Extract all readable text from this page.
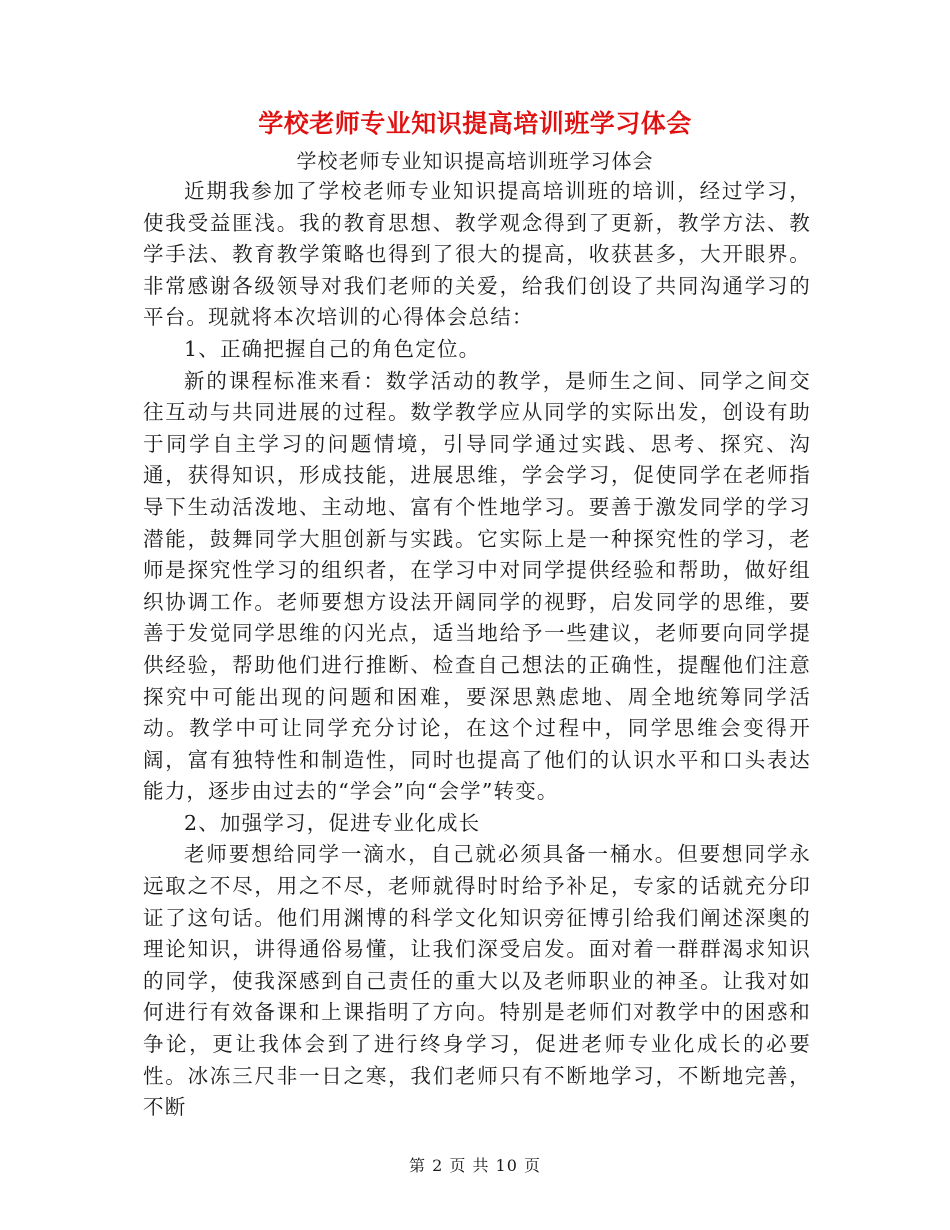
学校老师专业知识提高培训班学习体会
学校老师专业知识提高培训班学习体会

近期我参加了学校老师专业知识提高培训班的培训，经过学习，使我受益匪浅。我的教育思想、教学观念得到了更新，教学方法、教学手法、教育教学策略也得到了很大的提高，收获甚多，大开眼界。非常感谢各级领导对我们老师的关爱，给我们创设了共同沟通学习的平台。现就将本次培训的心得体会总结：

1、正确把握自己的角色定位。

新的课程标准来看：数学活动的教学，是师生之间、同学之间交往互动与共同进展的过程。数学教学应从同学的实际出发，创设有助于同学自主学习的问题情境，引导同学通过实践、思考、探究、沟通，获得知识，形成技能，进展思维，学会学习，促使同学在老师指导下生动活泼地、主动地、富有个性地学习。要善于激发同学的学习潜能，鼓舞同学大胆创新与实践。它实际上是一种探究性的学习，老师是探究性学习的组织者，在学习中对同学提供经验和帮助，做好组织协调工作。老师要想方设法开阔同学的视野，启发同学的思维，要善于发觉同学思维的闪光点，适当地给予一些建议，老师要向同学提供经验，帮助他们进行推断、检查自己想法的正确性，提醒他们注意探究中可能出现的问题和困难，要深思熟虑地、周全地统筹同学活动。教学中可让同学充分讨论，在这个过程中，同学思维会变得开阔，富有独特性和制造性，同时也提高了他们的认识水平和口头表达能力，逐步由过去的“学会”向“会学”转变。

2、加强学习，促进专业化成长

老师要想给同学一滴水，自己就必须具备一桶水。但要想同学永远取之不尽，用之不尽，老师就得时时给予补足，专家的话就充分印证了这句话。他们用渊博的科学文化知识旁征博引给我们阐述深奥的理论知识，讲得通俗易懂，让我们深受启发。面对着一群群渴求知识的同学，使我深感到自己责任的重大以及老师职业的神圣。让我对如何进行有效备课和上课指明了方向。特别是老师们对教学中的困惑和争论，更让我体会到了进行终身学习，促进老师专业化成长的必要性。冰冻三尺非一日之寒，我们老师只有不断地学习，不断地完善，不断

第 2 页 共 10 页
